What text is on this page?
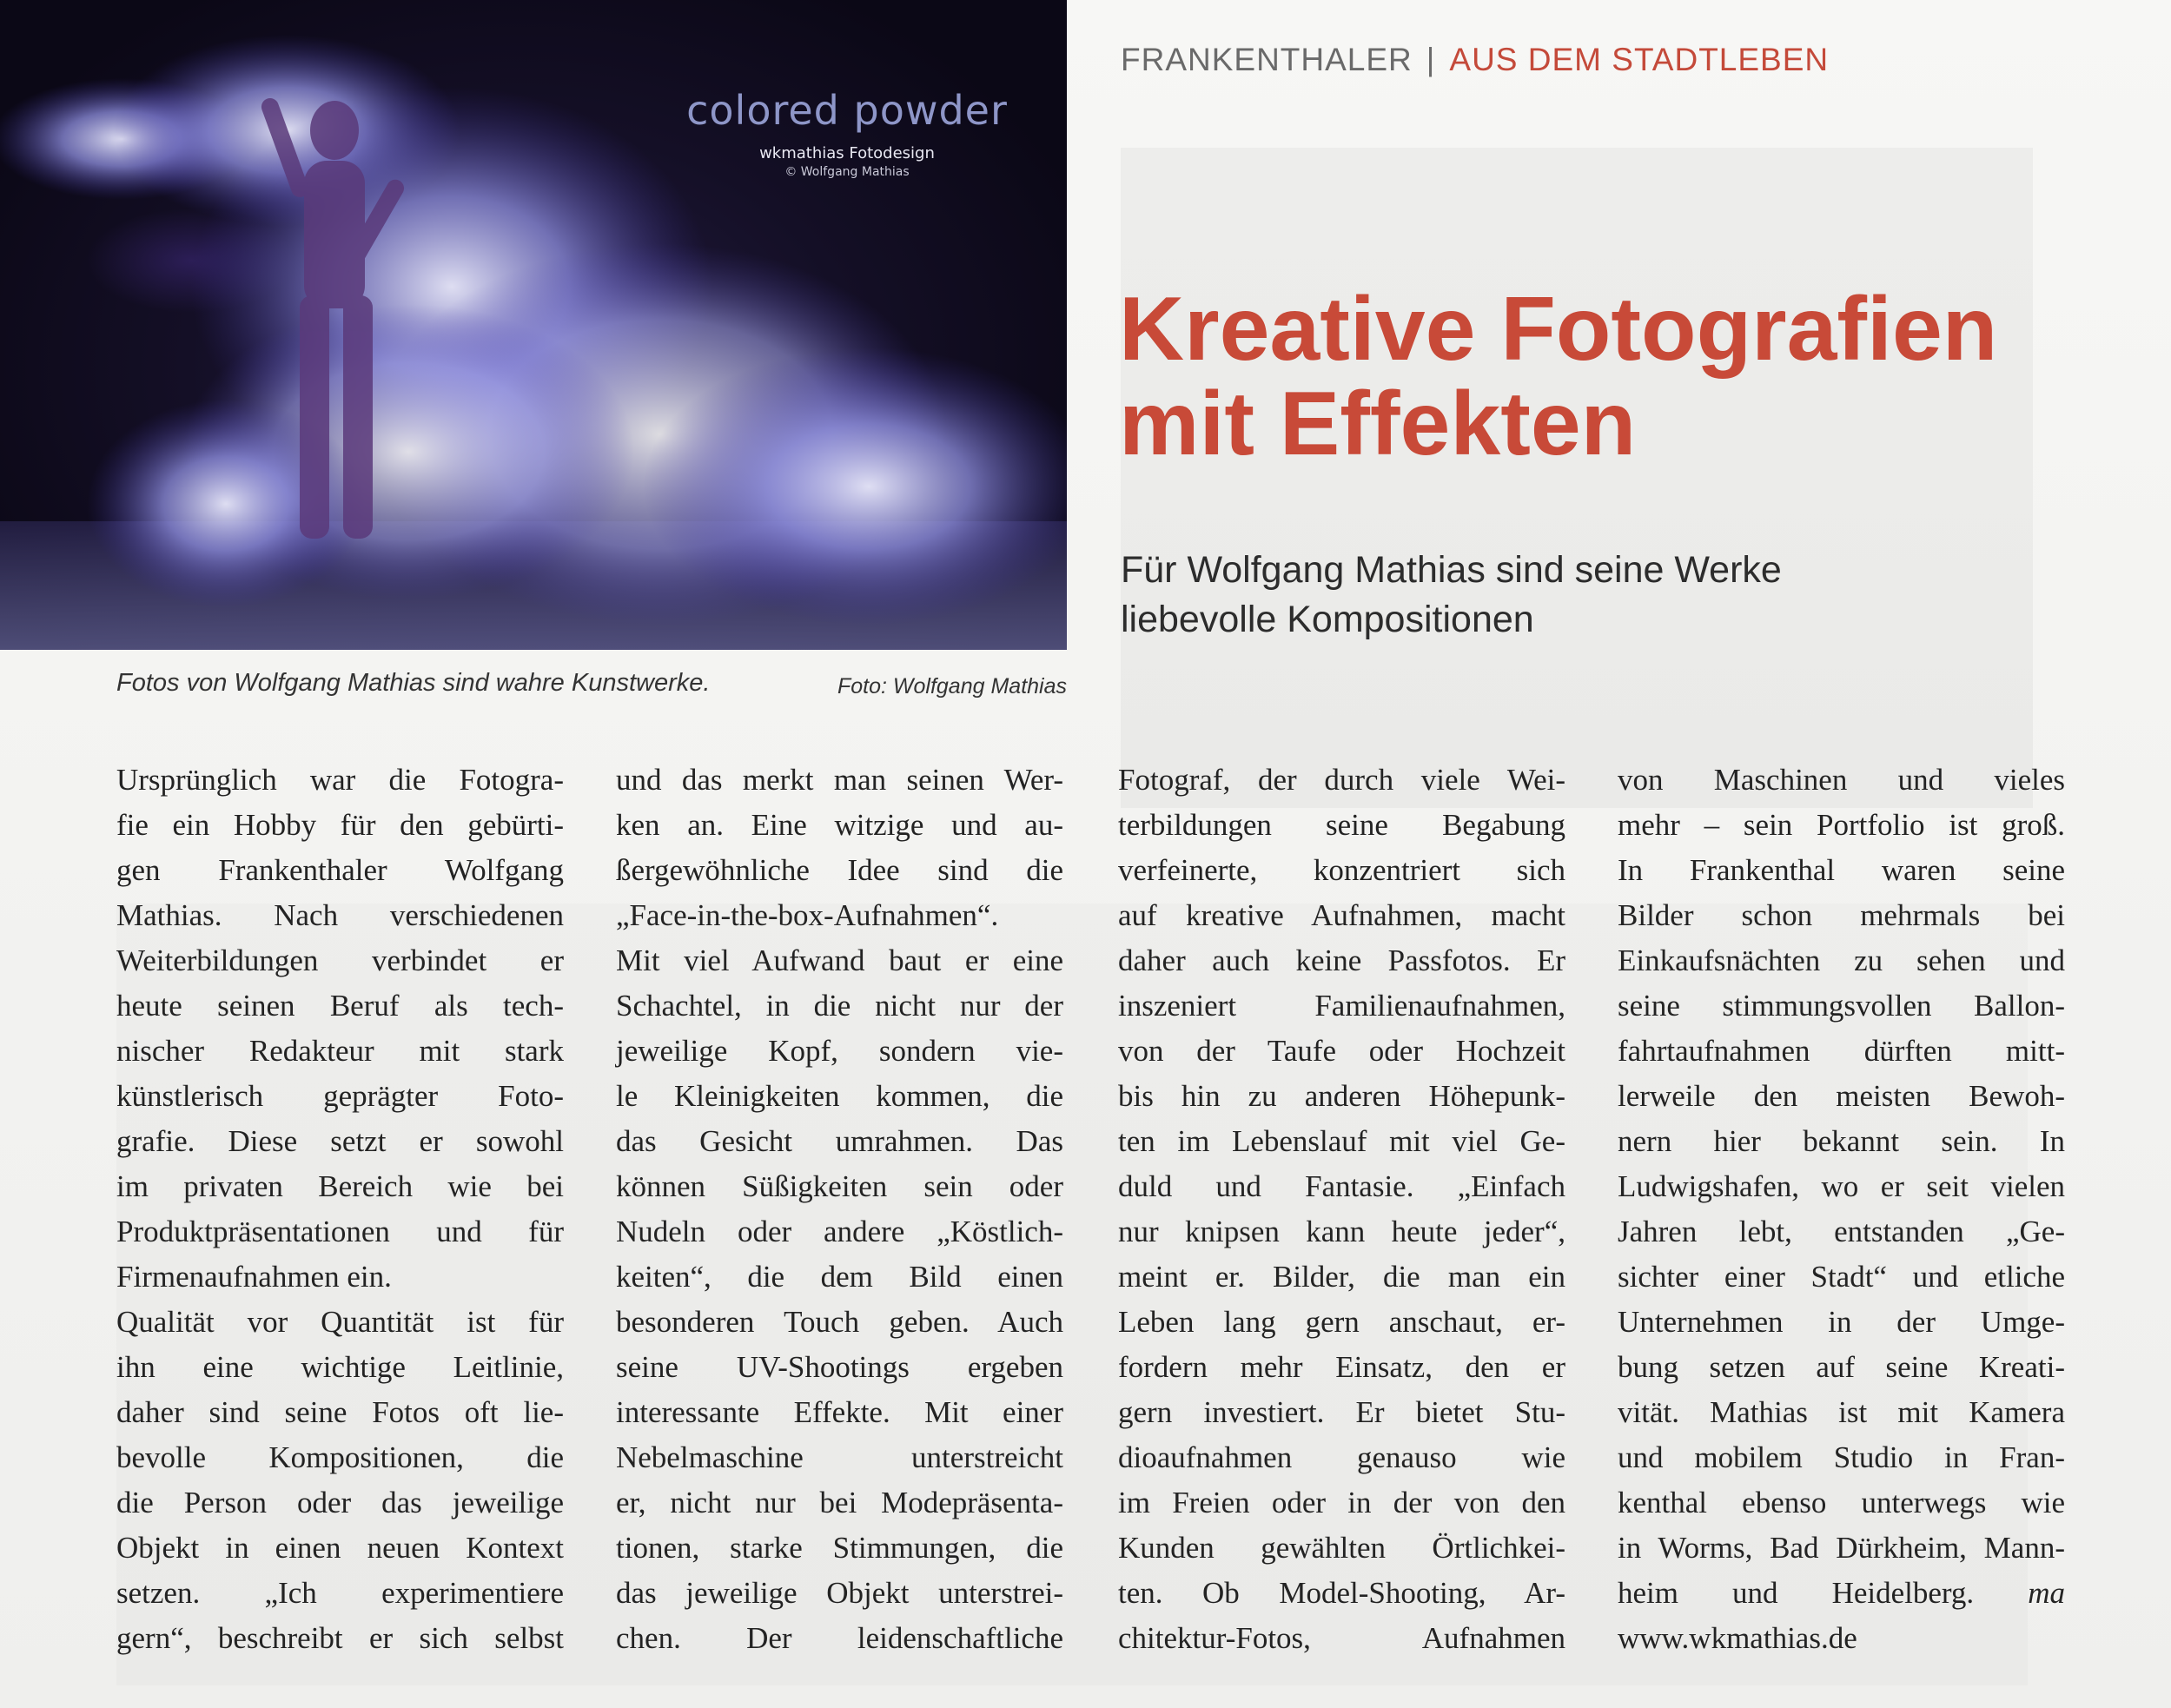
colored powder
wkmathias Fotodesign
© Wolfgang Mathias
Fotos von Wolfgang Mathias sind wahre Kunstwerke.	Foto: Wolfgang Mathias
FRANKENTHALER | AUS DEM STADTLEBEN
Kreative Fotografien
mit Effekten
Für Wolfgang Mathias sind seine Werke
liebevolle Kompositionen
Ursprünglich war die Fotogra-
fie ein Hobby für den gebürti-
gen Frankenthaler Wolfgang
Mathias. Nach verschiedenen
Weiterbildungen verbindet er
heute seinen Beruf als tech-
nischer Redakteur mit stark
künstlerisch geprägter Foto-
grafie. Diese setzt er sowohl
im privaten Bereich wie bei
Produktpräsentationen und für
Firmenaufnahmen ein.
Qualität vor Quantität ist für
ihn eine wichtige Leitlinie,
daher sind seine Fotos oft lie-
bevolle Kompositionen, die
die Person oder das jeweilige
Objekt in einen neuen Kontext
setzen. „Ich experimentiere
gern“, beschreibt er sich selbst
und das merkt man seinen Wer-
ken an. Eine witzige und au-
ßergewöhnliche Idee sind die
„Face-in-the-box-Aufnahmen“.
Mit viel Aufwand baut er eine
Schachtel, in die nicht nur der
jeweilige Kopf, sondern vie-
le Kleinigkeiten kommen, die
das Gesicht umrahmen. Das
können Süßigkeiten sein oder
Nudeln oder andere „Köstlich-
keiten“, die dem Bild einen
besonderen Touch geben. Auch
seine UV-Shootings ergeben
interessante Effekte. Mit einer
Nebelmaschine unterstreicht
er, nicht nur bei Modepräsenta-
tionen, starke Stimmungen, die
das jeweilige Objekt unterstrei-
chen. Der leidenschaftliche
Fotograf, der durch viele Wei-
terbildungen seine Begabung
verfeinerte, konzentriert sich
auf kreative Aufnahmen, macht
daher auch keine Passfotos. Er
inszeniert Familienaufnahmen,
von der Taufe oder Hochzeit
bis hin zu anderen Höhepunk-
ten im Lebenslauf mit viel Ge-
duld und Fantasie. „Einfach
nur knipsen kann heute jeder“,
meint er. Bilder, die man ein
Leben lang gern anschaut, er-
fordern mehr Einsatz, den er
gern investiert. Er bietet Stu-
dioaufnahmen genauso wie
im Freien oder in der von den
Kunden gewählten Örtlichkei-
ten. Ob Model-Shooting, Ar-
chitektur-Fotos, Aufnahmen
von Maschinen und vieles
mehr – sein Portfolio ist groß.
In Frankenthal waren seine
Bilder schon mehrmals bei
Einkaufsnächten zu sehen und
seine stimmungsvollen Ballon-
fahrtaufnahmen dürften mitt-
lerweile den meisten Bewoh-
nern hier bekannt sein. In
Ludwigshafen, wo er seit vielen
Jahren lebt, entstanden „Ge-
sichter einer Stadt“ und etliche
Unternehmen in der Umge-
bung setzen auf seine Kreati-
vität. Mathias ist mit Kamera
und mobilem Studio in Fran-
kenthal ebenso unterwegs wie
in Worms, Bad Dürkheim, Mann-
heim und Heidelberg. ma
www.wkmathias.de
